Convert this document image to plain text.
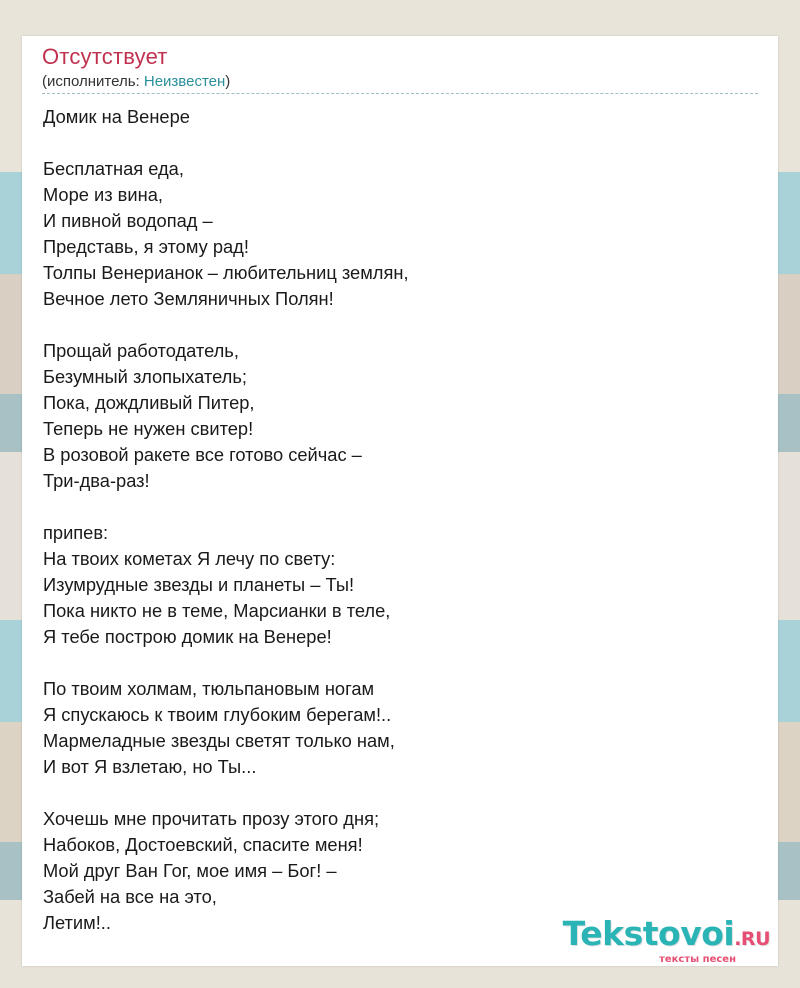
Отсутствует
(исполнитель: Неизвестен)
Домик на Венере
Бесплатная еда,
Море из вина,
И пивной водопад –
Представь, я этому рад!
Толпы Венерианок – любительниц землян,
Вечное лето Земляничных Полян!
Прощай работодатель,
Безумный злопыхатель;
Пока, дождливый Питер,
Теперь не нужен свитер!
В розовой ракете все готово сейчас –
Три-два-раз!
припев:
На твоих кометах Я лечу по свету:
Изумрудные звезды и планеты – Ты!
Пока никто не в теме, Марсианки в теле,
Я тебе построю домик на Венере!
По твоим холмам, тюльпановым ногам
Я спускаюсь к твоим глубоким берегам!..
Мармеладные звезды светят только нам,
И вот Я взлетаю, но Ты...
Хочешь мне прочитать прозу этого дня;
Набоков, Достоевский, спасите меня!
Мой друг Ван Гог, мое имя – Бог! –
Забей на все на это,
Летим!..	Tekstovoi.RU
тексты песен
